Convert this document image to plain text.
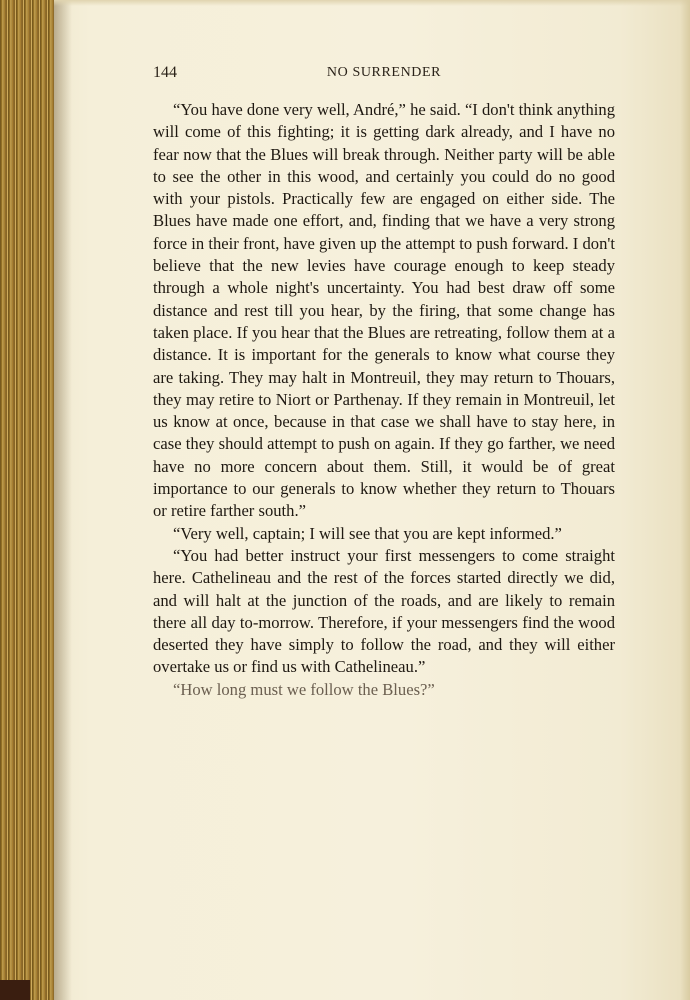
144	NO SURRENDER

“You have done very well, André,” he said. “I don't think anything will come of this fighting; it is getting dark already, and I have no fear now that the Blues will break through. Neither party will be able to see the other in this wood, and certainly you could do no good with your pistols. Practically few are engaged on either side. The Blues have made one effort, and, finding that we have a very strong force in their front, have given up the attempt to push forward. I don't believe that the new levies have courage enough to keep steady through a whole night's uncertainty. You had best draw off some distance and rest till you hear, by the firing, that some change has taken place. If you hear that the Blues are retreating, follow them at a distance. It is important for the generals to know what course they are taking. They may halt in Montreuil, they may return to Thouars, they may retire to Niort or Parthenay. If they remain in Montreuil, let us know at once, because in that case we shall have to stay here, in case they should attempt to push on again. If they go farther, we need have no more concern about them. Still, it would be of great importance to our generals to know whether they return to Thouars or retire farther south.”

“Very well, captain; I will see that you are kept informed.”

“You had better instruct your first messengers to come straight here. Cathelineau and the rest of the forces started directly we did, and will halt at the junction of the roads, and are likely to remain there all day to-morrow. Therefore, if your messengers find the wood deserted they have simply to follow the road, and they will either overtake us or find us with Cathelineau.”

“How long must we follow the Blues?”
